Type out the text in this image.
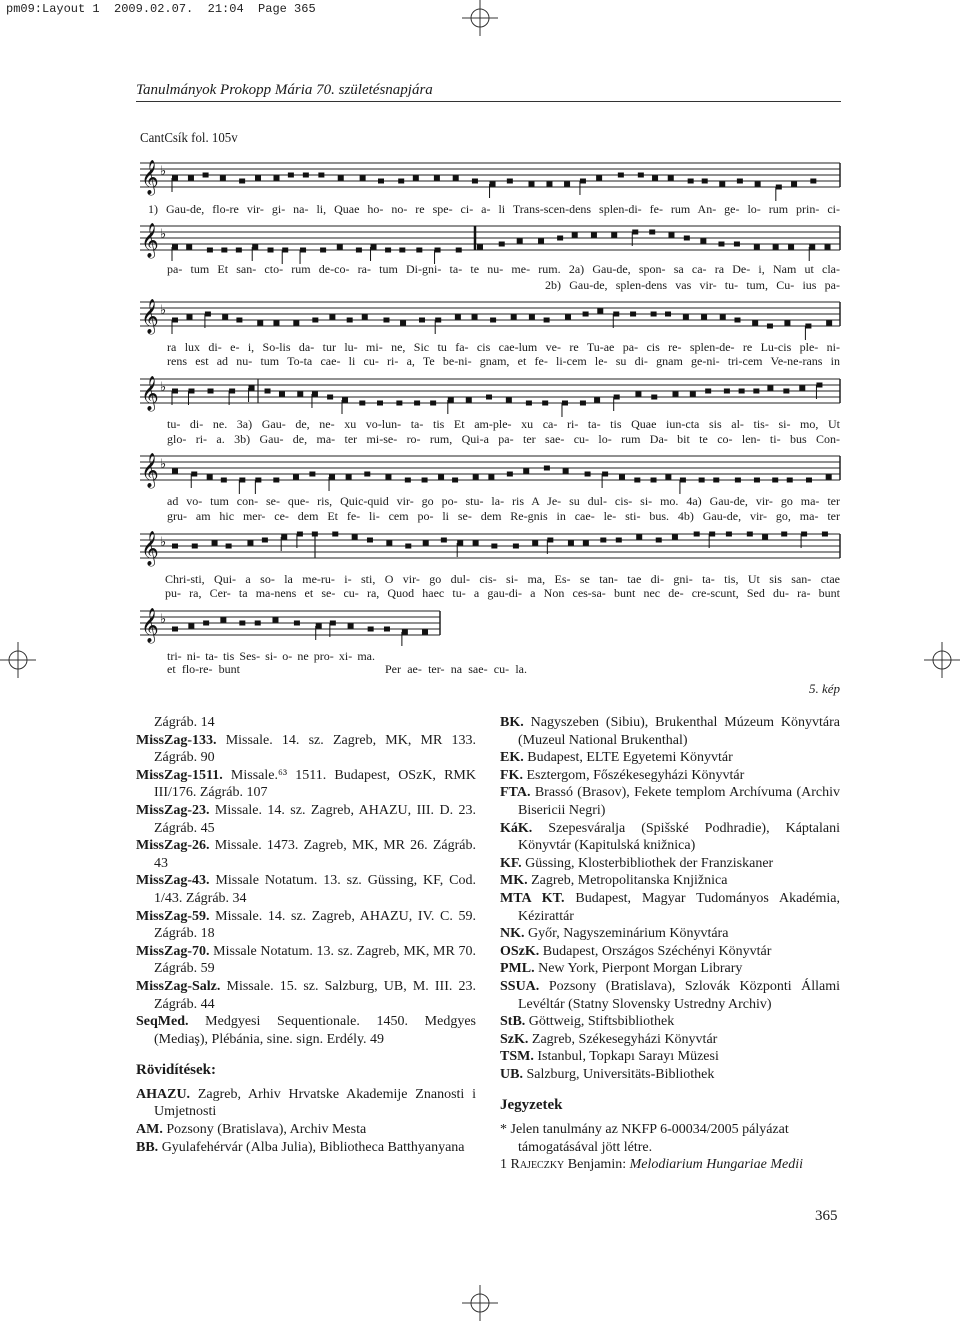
pm09:Layout 1  2009.02.07.  21:04  Page 365
Tanulmányok Prokopp Mária 70. születésnapjára
𝄞 ♭
𝄞 ♭
𝄞 ♭
𝄞 ♭
𝄞 ♭
𝄞 ♭
𝄞 ♭
CantCsík fol. 105v
1) Gau-de, flo-re vir- gi- na- li, Quae ho- no- re spe- ci- a- li Trans-scen-dens splen-di- fe- rum An- ge- lo- rum prin- ci-
pa- tum Et san- cto- rum de-co- ra- tum Di-gni- ta- te nu- me- rum. 2a) Gau-de, spon- sa ca- ra De- i, Nam ut cla-
2b) Gau-de, splen-dens vas vir- tu- tum, Cu- ius pa-
ra lux di- e- i, So-lis da- tur lu- mi- ne, Sic tu fa- cis cae-lum ve- re Tu-ae pa- cis re- splen-de- re Lu-cis ple- ni-
rens est ad nu- tum To-ta cae- li cu- ri- a, Te be-ni- gnam, et fe- li-cem le- su di- gnam ge-ni- tri-cem Ve-ne-rans in
tu- di- ne. 3a) Gau- de, ne- xu vo-lun- ta- tis Et am-ple- xu ca- ri- ta- tis Quae iun-cta sis al- tis- si- mo, Ut
glo- ri- a. 3b) Gau- de, ma- ter mi-se- ro- rum, Qui-a pa- ter sae- cu- lo- rum Da- bit te co- len- ti- bus Con-
ad vo- tum con- se- que- ris, Quic-quid vir- go po- stu- la- ris A Je- su dul- cis- si- mo. 4a) Gau-de, vir- go ma- ter
gru- am hic mer- ce- dem Et fe- li- cem po- li se- dem Re-gnis in cae- le- sti- bus. 4b) Gau-de, vir- go, ma- ter
Chri-sti, Qui- a so- la me-ru- i- sti, O vir- go dul- cis- si- ma, Es- se tan- tae di- gni- ta- tis, Ut sis san- ctae
pu- ra, Cer- ta ma-nens et se- cu- ra, Quod haec tu- a gau-di- a Non ces-sa- bunt nec de- cre-scunt, Sed du- ra- bunt
tri- ni- ta- tis Ses- si- o- ne pro- xi- ma.
et flo-re- bunt	Per ae- ter- na sae- cu- la.
5. kép
Zágráb. 14
MissZag-133. Missale. 14. sz. Zagreb, MK, MR 133. Zágráb. 90
MissZag-1511. Missale.⁶³ 1511. Budapest, OSzK, RMK III/176. Zágráb. 107
MissZag-23. Missale. 14. sz. Zagreb, AHAZU, III. D. 23. Zágráb. 45
MissZag-26. Missale. 1473. Zagreb, MK, MR 26. Zágráb. 43
MissZag-43. Missale Notatum. 13. sz. Güssing, KF, Cod. 1/43. Zágráb. 34
MissZag-59. Missale. 14. sz. Zagreb, AHAZU, IV. C. 59. Zágráb. 18
MissZag-70. Missale Notatum. 13. sz. Zagreb, MK, MR 70. Zágráb. 59
MissZag-Salz. Missale. 15. sz. Salzburg, UB, M. III. 23. Zágráb. 44
SeqMed. Medgyesi Sequentionale. 1450. Medgyes (Mediaş), Plébánia, sine. sign. Erdély. 49
Rövidítések:
AHAZU. Zagreb, Arhiv Hrvatske Akademije Znanosti i Umjetnosti
AM. Pozsony (Bratislava), Archiv Mesta
BB. Gyulafehérvár (Alba Julia), Bibliotheca Batthyanyana
BK. Nagyszeben (Sibiu), Brukenthal Múzeum Könyvtára (Muzeul National Brukenthal)
EK. Budapest, ELTE Egyetemi Könyvtár
FK. Esztergom, Főszékesegyházi Könyvtár
FTA. Brassó (Brasov), Fekete templom Archívuma (Archiv Bisericii Negri)
KáK. Szepesváralja (Spišské Podhradie), Káptalani Könyvtár (Kapitulská knižnica)
KF. Güssing, Klosterbibliothek der Franziskaner
MK. Zagreb, Metropolitanska Knjižnica
MTA KT. Budapest, Magyar Tudományos Akadémia, Kézirattár
NK. Győr, Nagyszeminárium Könyvtára
OSzK. Budapest, Országos Széchényi Könyvtár
PML. New York, Pierpont Morgan Library
SSUA. Pozsony (Bratislava), Szlovák Központi Állami Levéltár (Statny Slovensky Ustredny Archiv)
StB. Göttweig, Stiftsbibliothek
SzK. Zagreb, Székesegyházi Könyvtár
TSM. Istanbul, Topkapı Sarayı Müzesi
UB. Salzburg, Universitäts-Bibliothek
Jegyzetek
* Jelen tanulmány az NKFP 6-00034/2005 pályázat támogatásával jött létre.
1 Rajeczky Benjamin: Melodiarium Hungariae Medii
365
